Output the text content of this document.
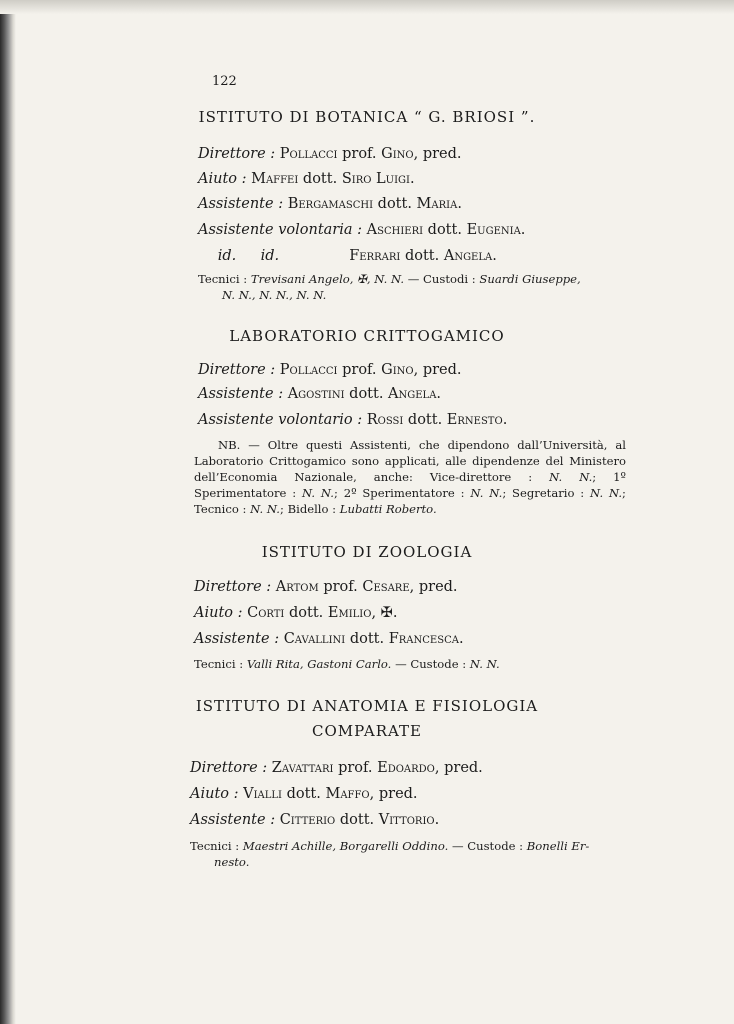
122
ISTITUTO DI BOTANICA “ G. BRIOSI ”.
Direttore : Pollacci prof. Gino, pred.
Aiuto : Maffei dott. Siro Luigi.
Assistente : Bergamaschi dott. Maria.
Assistente volontaria : Aschieri dott. Eugenia.
id. id.	Ferrari dott. Angela.
Tecnici : Trevisani Angelo, ✠, N. N. — Custodi : Suardi Giuseppe,
N. N., N. N., N. N.
LABORATORIO CRITTOGAMICO
Direttore : Pollacci prof. Gino, pred.
Assistente : Agostini dott. Angela.
Assistente volontario : Rossi dott. Ernesto.
NB. — Oltre questi Assistenti, che dipendono dall’Università, al Laboratorio Crittogamico sono applicati, alle dipendenze del Ministero dell’Economia Nazionale, anche: Vice-direttore : N. N.; 1º Sperimentatore : N. N.; 2º Sperimentatore : N. N.; Segretario : N. N.; Tecnico : N. N.; Bidello : Lubatti Roberto.
ISTITUTO DI ZOOLOGIA
Direttore : Artom prof. Cesare, pred.
Aiuto : Corti dott. Emilio, ✠.
Assistente : Cavallini dott. Francesca.
Tecnici : Valli Rita, Gastoni Carlo. — Custode : N. N.
ISTITUTO DI ANATOMIA E FISIOLOGIA
COMPARATE
Direttore : Zavattari prof. Edoardo, pred.
Aiuto : Vialli dott. Maffo, pred.
Assistente : Citterio dott. Vittorio.
Tecnici : Maestri Achille, Borgarelli Oddino. — Custode : Bonelli Er-
nesto.
